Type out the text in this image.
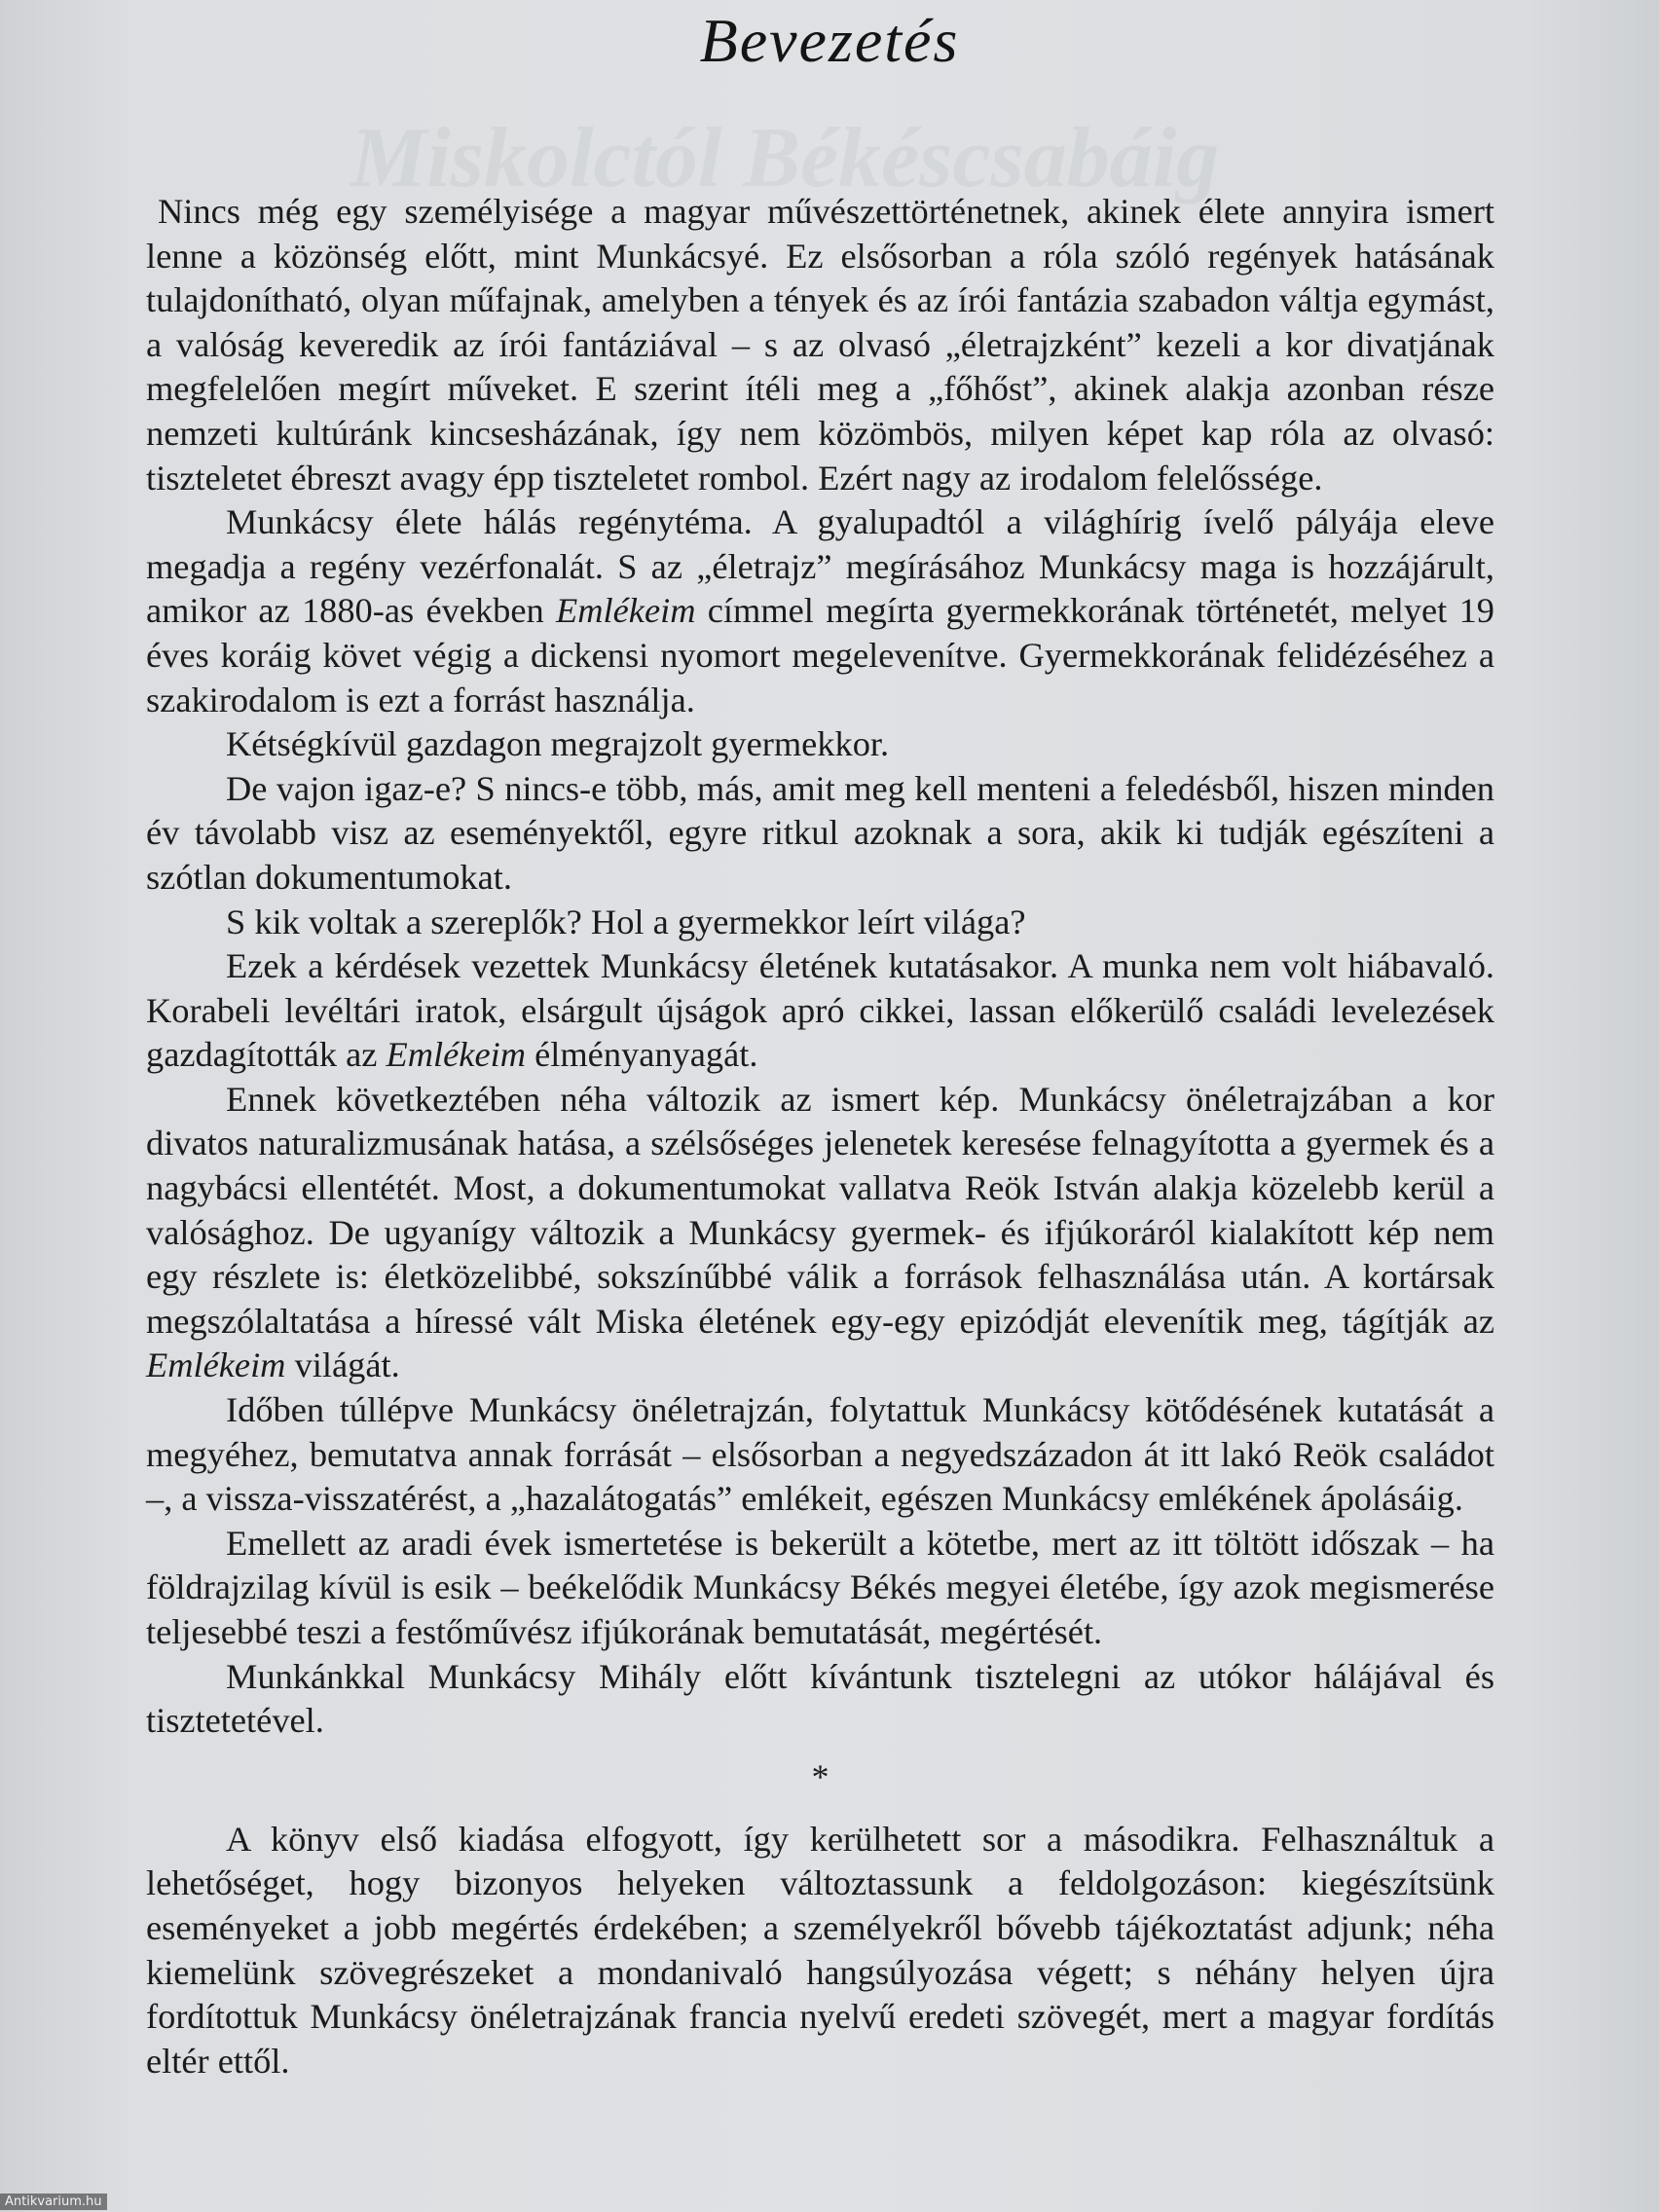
Miskolctól Békéscsabáig
Bevezetés

Nincs még egy személyisége a magyar művészettörténetnek, akinek élete annyira ismert lenne a közönség előtt, mint Munkácsyé. Ez elsősorban a róla szóló regények hatásának tulajdonítható, olyan műfajnak, amelyben a tények és az írói fantázia szabadon váltja egymást, a valóság keveredik az írói fantáziával – s az olvasó „életrajzként” kezeli a kor divatjának megfelelően megírt műveket. E szerint ítéli meg a „főhőst”, akinek alakja azonban része nemzeti kultúránk kincsesházának, így nem közömbös, milyen képet kap róla az olvasó: tiszteletet ébreszt avagy épp tiszteletet rombol. Ezért nagy az irodalom felelőssége.

Munkácsy élete hálás regénytéma. A gyalupadtól a világhírig ívelő pályája eleve megadja a regény vezérfonalát. S az „életrajz” megírásához Munkácsy maga is hozzájárult, amikor az 1880-as években Emlékeim címmel megírta gyermekkorának történetét, melyet 19 éves koráig követ végig a dickensi nyomort megelevenítve. Gyermekkorának felidézéséhez a szakirodalom is ezt a forrást használja.

Kétségkívül gazdagon megrajzolt gyermekkor.

De vajon igaz-e? S nincs-e több, más, amit meg kell menteni a feledésből, hiszen minden év távolabb visz az eseményektől, egyre ritkul azoknak a sora, akik ki tudják egészíteni a szótlan dokumentumokat.

S kik voltak a szereplők? Hol a gyermekkor leírt világa?

Ezek a kérdések vezettek Munkácsy életének kutatásakor. A munka nem volt hiábavaló. Korabeli levéltári iratok, elsárgult újságok apró cikkei, lassan előkerülő családi levelezések gazdagították az Emlékeim élményanyagát.

Ennek következtében néha változik az ismert kép. Munkácsy önéletrajzában a kor divatos naturalizmusának hatása, a szélsőséges jelenetek keresése felnagyította a gyermek és a nagybácsi ellentétét. Most, a dokumentumokat vallatva Reök István alakja közelebb kerül a valósághoz. De ugyanígy változik a Munkácsy gyermek- és ifjúkoráról kialakított kép nem egy részlete is: életközelibbé, sokszínűbbé válik a források felhasználása után. A kortársak megszólaltatása a híressé vált Miska életének egy-egy epizódját elevenítik meg, tágítják az Emlékeim világát.

Időben túllépve Munkácsy önéletrajzán, folytattuk Munkácsy kötődésének kutatását a megyéhez, bemutatva annak forrását – elsősorban a negyedszázadon át itt lakó Reök családot –, a vissza-visszatérést, a „hazalátogatás” emlékeit, egészen Munkácsy emlékének ápolásáig.

Emellett az aradi évek ismertetése is bekerült a kötetbe, mert az itt töltött időszak – ha földrajzilag kívül is esik – beékelődik Munkácsy Békés megyei életébe, így azok megismerése teljesebbé teszi a festőművész ifjúkorának bemutatását, megértését.

Munkánkkal Munkácsy Mihály előtt kívántunk tisztelegni az utókor hálájával és tisztetetével.

*

A könyv első kiadása elfogyott, így kerülhetett sor a másodikra. Felhasználtuk a lehetőséget, hogy bizonyos helyeken változtassunk a feldolgozáson: kiegészítsünk eseményeket a jobb megértés érdekében; a személyekről bővebb tájékoztatást adjunk; néha kiemelünk szövegrészeket a mondanivaló hangsúlyozása végett; s néhány helyen újra fordítottuk Munkácsy önéletrajzának francia nyelvű eredeti szövegét, mert a magyar fordítás eltér ettől.

Antikvarium.hu
